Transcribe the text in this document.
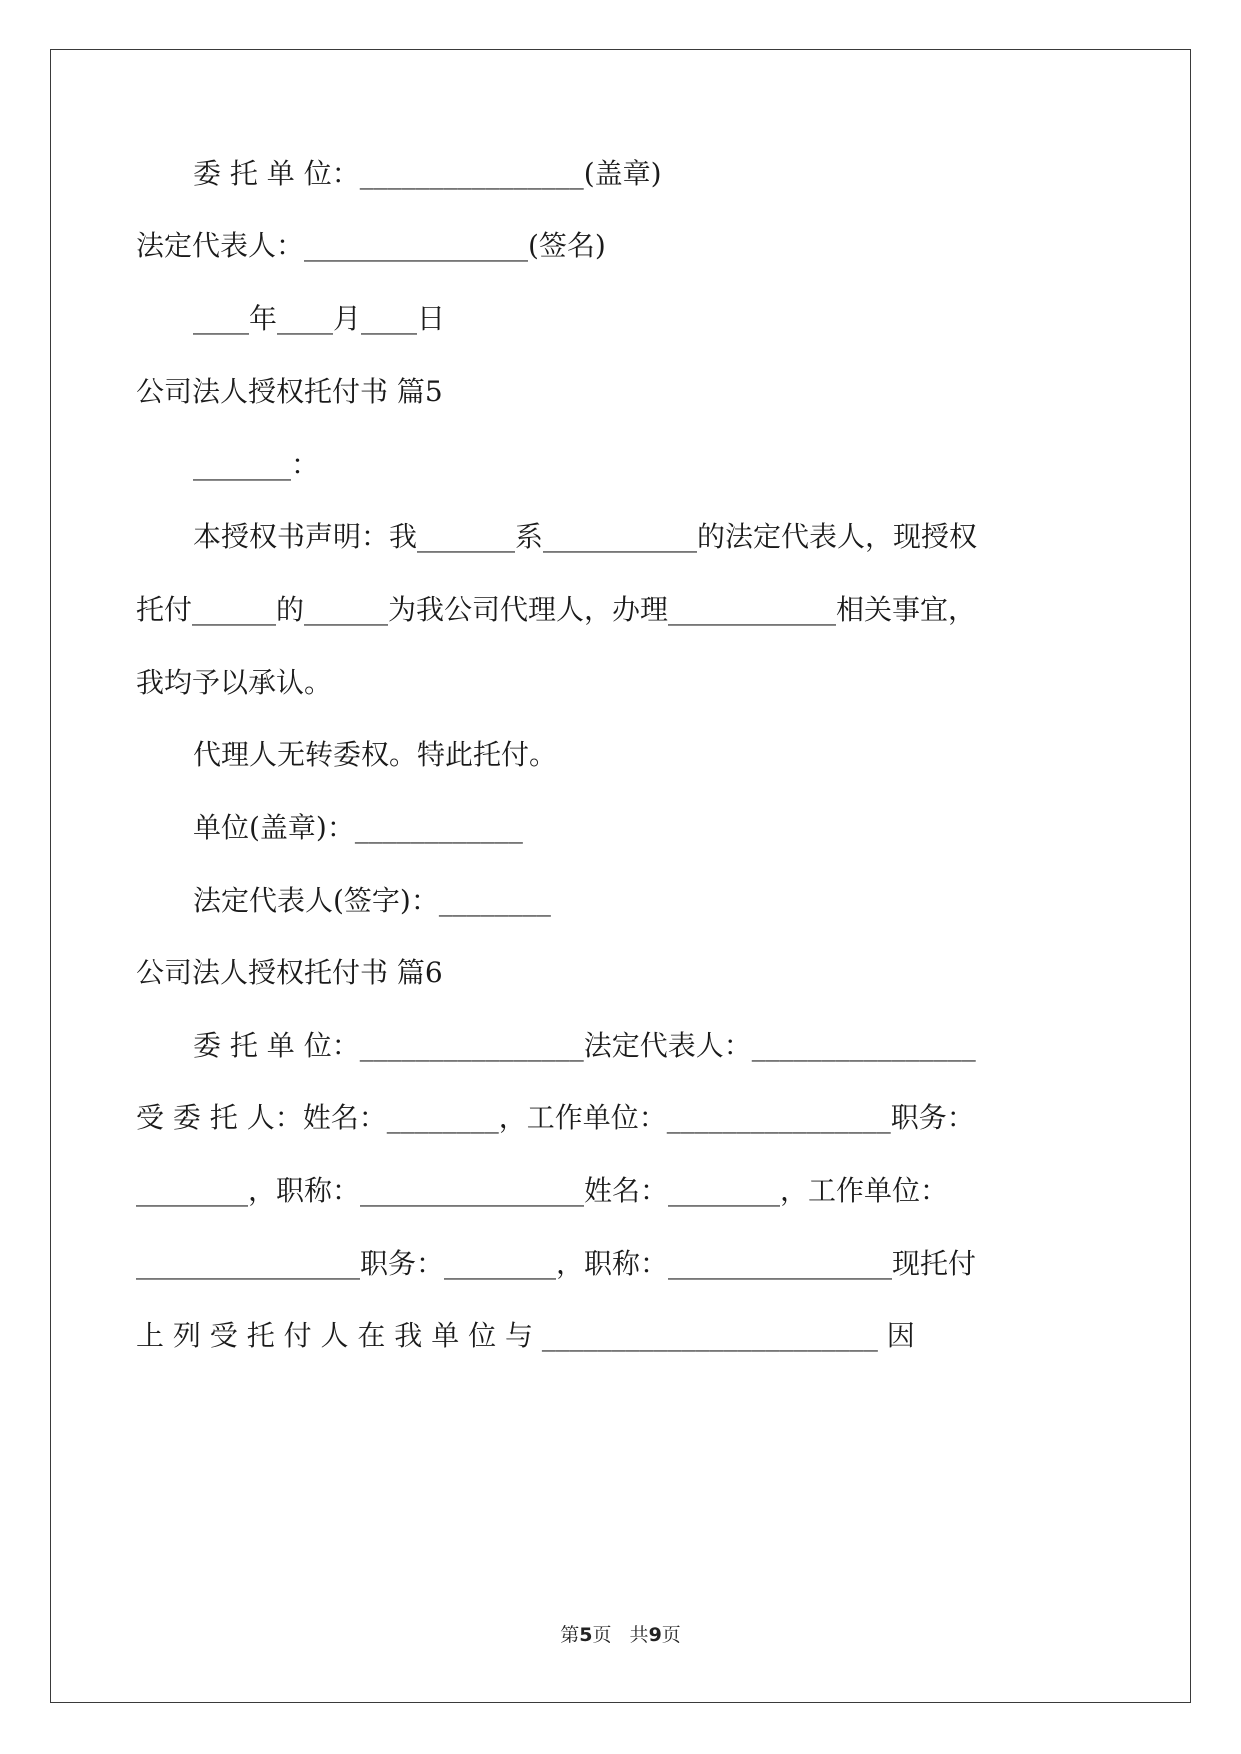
委 托 单 位：________________(盖章)
法定代表人：________________(签名)
____年____月____日
公司法人授权托付书 篇5
_______：
本授权书声明：我_______系___________的法定代表人，现授权
托付______的______为我公司代理人，办理____________相关事宜，
我均予以承认。
代理人无转委权。特此托付。
单位(盖章)：____________
法定代表人(签字)：________
公司法人授权托付书 篇6
委 托 单 位：________________法定代表人：________________
受 委 托 人：姓名：________，工作单位：________________职务：
________，职称：________________姓名：________，工作单位：
________________职务：________，职称：________________现托付
上 列 受 托 付 人 在 我 单 位 与 ________________________ 因
第5页   共9页
